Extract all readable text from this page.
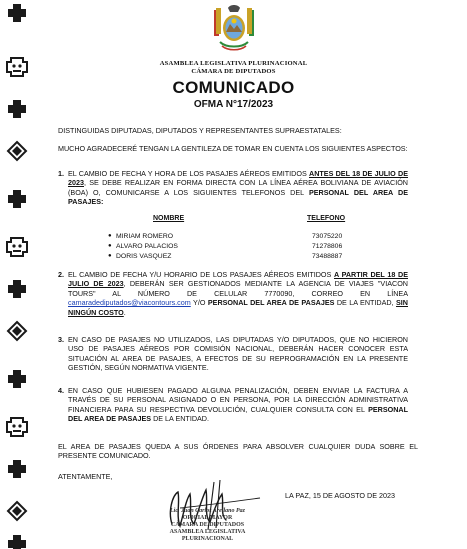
ASAMBLEA LEGISLATIVA PLURINACIONAL
CÁMARA DE DIPUTADOS
COMUNICADO
OFMA N°17/2023
DISTINGUIDAS DIPUTADAS, DIPUTADOS Y REPRESENTANTES SUPRAESTATALES:
MUCHO AGRADECERÉ TENGAN LA GENTILEZA DE TOMAR EN CUENTA LOS SIGUIENTES ASPECTOS:
1. EL CAMBIO DE FECHA Y HORA DE LOS PASAJES AÉREOS EMITIDOS ANTES DEL 18 DE JULIO DE 2023, SE DEBE REALIZAR EN FORMA DIRECTA CON LA LÍNEA AÉREA BOLIVIANA DE AVIACIÓN (BOA) O, COMUNICARSE A LOS SIGUIENTES TELEFONOS DEL PERSONAL DEL AREA DE PASAJES:
NOMBRE	TELEFONO
● MIRIAM ROMERO	73075220
● ALVARO PALACIOS	71278806
● DORIS VASQUEZ	73488887
2. EL CAMBIO DE FECHA Y/U HORARIO DE LOS PASAJES AÉREOS EMITIDOS A PARTIR DEL 18 DE JULIO DE 2023, DEBERÁN SER GESTIONADOS MEDIANTE LA AGENCIA DE VIAJES "VIACON TOURS" AL NÚMERO DE CELULAR 7770090, CORREO EN LÍNEA camaradediputados@viacontours.com Y/O PERSONAL DEL AREA DE PASAJES DE LA ENTIDAD, SIN NINGÚN COSTO.
3. EN CASO DE PASAJES NO UTILIZADOS, LAS DIPUTADAS Y/O DIPUTADOS, QUE NO HICIERON USO DE PASAJES AÉREOS POR COMISIÓN NACIONAL, DEBERÁN HACER CONOCER ESTA SITUACIÓN AL AREA DE PASAJES, A EFECTOS DE SU REPROGRAMACIÓN EN LA PRESENTE GESTIÓN, SEGÚN NORMATIVA VIGENTE.
4. EN CASO QUE HUBIESEN PAGADO ALGUNA PENALIZACIÓN, DEBEN ENVIAR LA FACTURA A TRAVÉS DE SU PERSONAL ASIGNADO O EN PERSONA, POR LA DIRECCIÓN ADMINISTRATIVA FINANCIERA PARA SU RESPECTIVA DEVOLUCIÓN, CUALQUIER CONSULTA CON EL PERSONAL DEL AREA DE PASAJES DE LA ENTIDAD.
EL AREA DE PASAJES QUEDA A SUS ÓRDENES PARA ABSOLVER CUALQUIER DUDA SOBRE EL PRESENTE COMUNICADO.
ATENTAMENTE,
LA PAZ, 15 DE AGOSTO DE 2023
Lic. Juan Carlos Arellano Paz
OFICIAL MAYOR
CÁMARA DE DIPUTADOS
ASAMBLEA LEGISLATIVA PLURINACIONAL
